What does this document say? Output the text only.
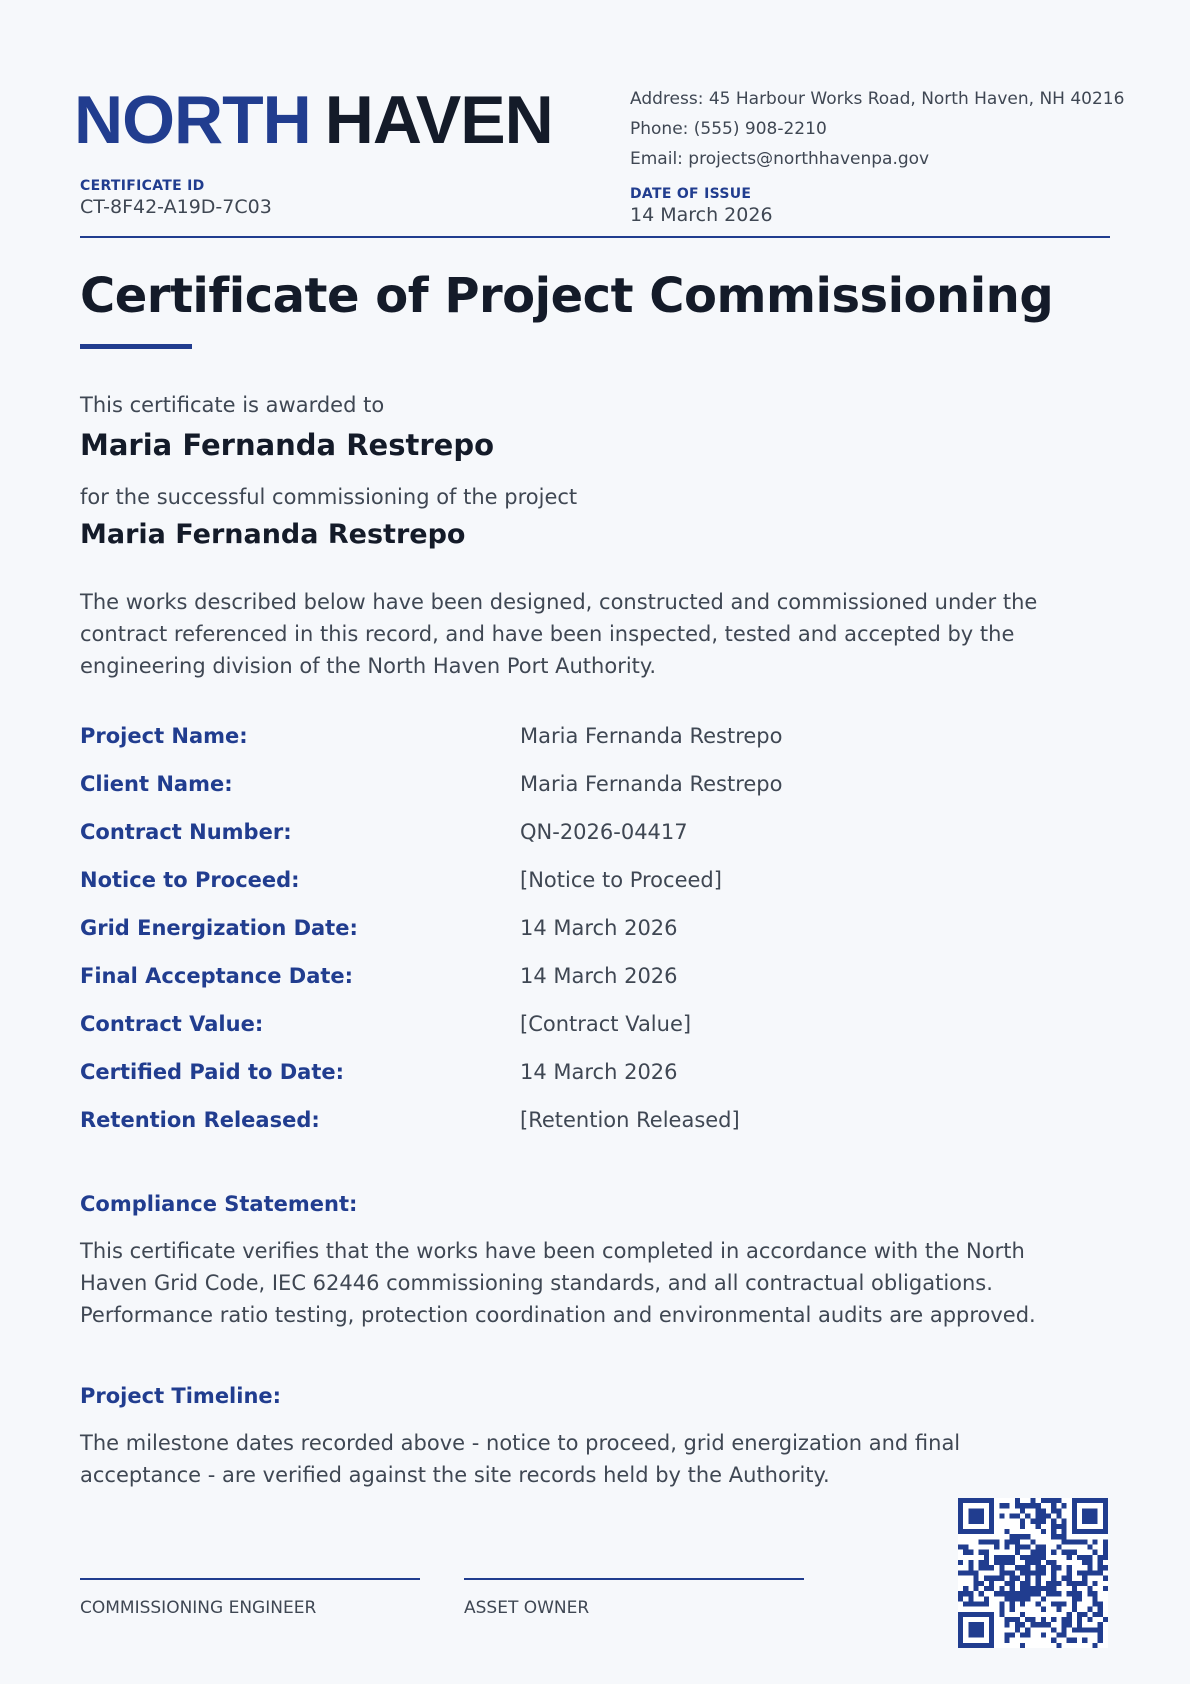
NORTH HAVEN	Address: 45 Harbour Works Road, North Haven, NH 40216
Phone: (555) 908-2210
Email: projects@northhavenpa.gov
CERTIFICATE ID
CT-8F42-A19D-7C03
DATE OF ISSUE
14 March 2026
Certificate of Project Commissioning
This certificate is awarded to
Maria Fernanda Restrepo
for the successful commissioning of the project
Maria Fernanda Restrepo
The works described below have been designed, constructed and commissioned under the contract referenced in this record, and have been inspected, tested and accepted by the engineering division of the North Haven Port Authority.
Project Name:	Maria Fernanda Restrepo
Client Name:	Maria Fernanda Restrepo
Contract Number:	QN-2026-04417
Notice to Proceed:	[Notice to Proceed]
Grid Energization Date:	14 March 2026
Final Acceptance Date:	14 March 2026
Contract Value:	[Contract Value]
Certified Paid to Date:	14 March 2026
Retention Released:	[Retention Released]
Compliance Statement:
This certificate verifies that the works have been completed in accordance with the North Haven Grid Code, IEC 62446 commissioning standards, and all contractual obligations. Performance ratio testing, protection coordination and environmental audits are approved.
Project Timeline:
The milestone dates recorded above - notice to proceed, grid energization and final acceptance - are verified against the site records held by the Authority.
COMMISSIONING ENGINEER	ASSET OWNER
